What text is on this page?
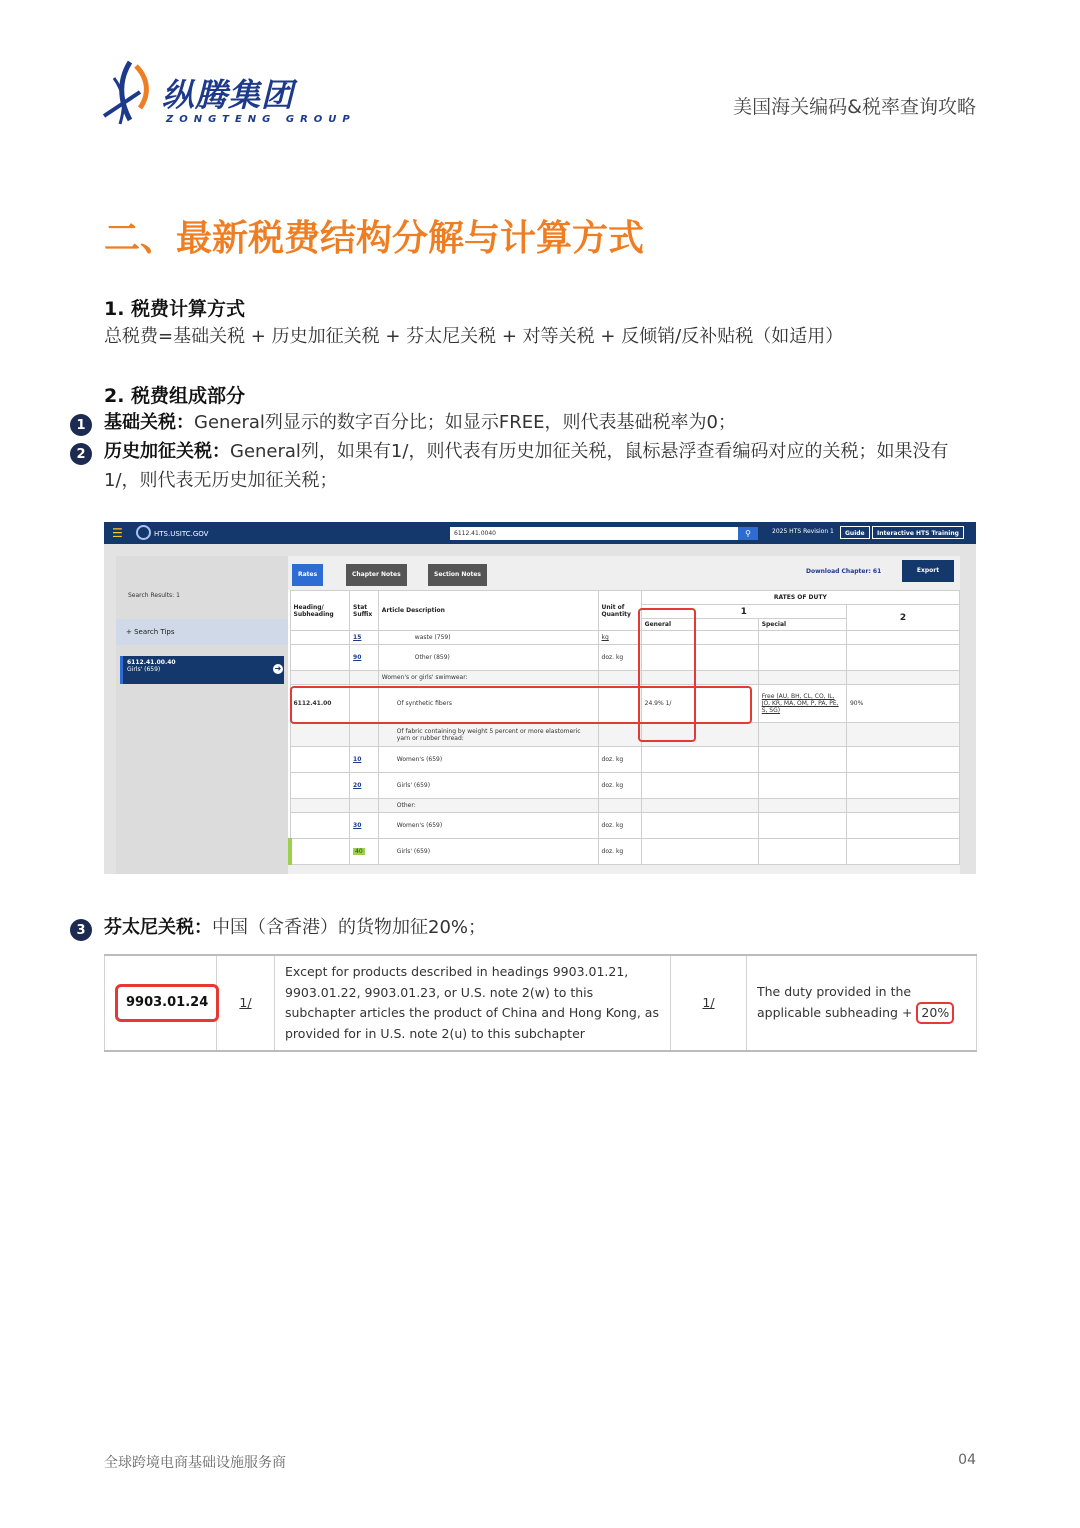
纵腾集团
ZONGTENG GROUP
美国海关编码&税率查询攻略
二、最新税费结构分解与计算方式
1. 税费计算方式
总税费=基础关税 + 历史加征关税 + 芬太尼关税 + 对等关税 + 反倾销/反补贴税（如适用）
2. 税费组成部分
1	基础关税：General列显示的数字百分比；如显示FREE，则代表基础税率为0；
2	历史加征关税：General列，如果有1/，则代表有历史加征关税，鼠标悬浮查看编码对应的关税；如果没有1/，则代表无历史加征关税；
☰	HTS.USITC.GOV	6112.41.0040	⚲	2025 HTS Revision 1	Guide	Interactive HTS Training
Search Results: 1
+ Search Tips
6112.41.00.40
Girls' (659)	➜
Rates	Chapter Notes	Section Notes	Download Chapter: 61	Export
Heading/ Subheading	Stat Suffix	Article Description	Unit of Quantity	RATES OF DUTY		
				1		2
				General	Special	
	15	waste (759)	kg			
	90	Other (859)	doz. kg			
		Women's or girls' swimwear:				
6112.41.00		Of synthetic fibers		24.9% 1/	Free (AU, BH, CL, CO, IL, JO, KR, MA, OM, P, PA, PE, S, SG)	90%
		Of fabric containing by weight 5 percent or more elastomeric yarn or rubber thread:				
	10	Women's (659)	doz. kg			
	20	Girls' (659)	doz. kg			
		Other:				
	30	Women's (659)	doz. kg			
	40	Girls' (659)	doz. kg			
3	芬太尼关税：中国（含香港）的货物加征20%；
9903.01.24	1/	Except for products described in headings 9903.01.21, 9903.01.22, 9903.01.23, or U.S. note 2(w) to this subchapter articles the product of China and Hong Kong, as provided for in U.S. note 2(u) to this subchapter	1/	The duty provided in the applicable subheading + 20%
全球跨境电商基础设施服务商	04
